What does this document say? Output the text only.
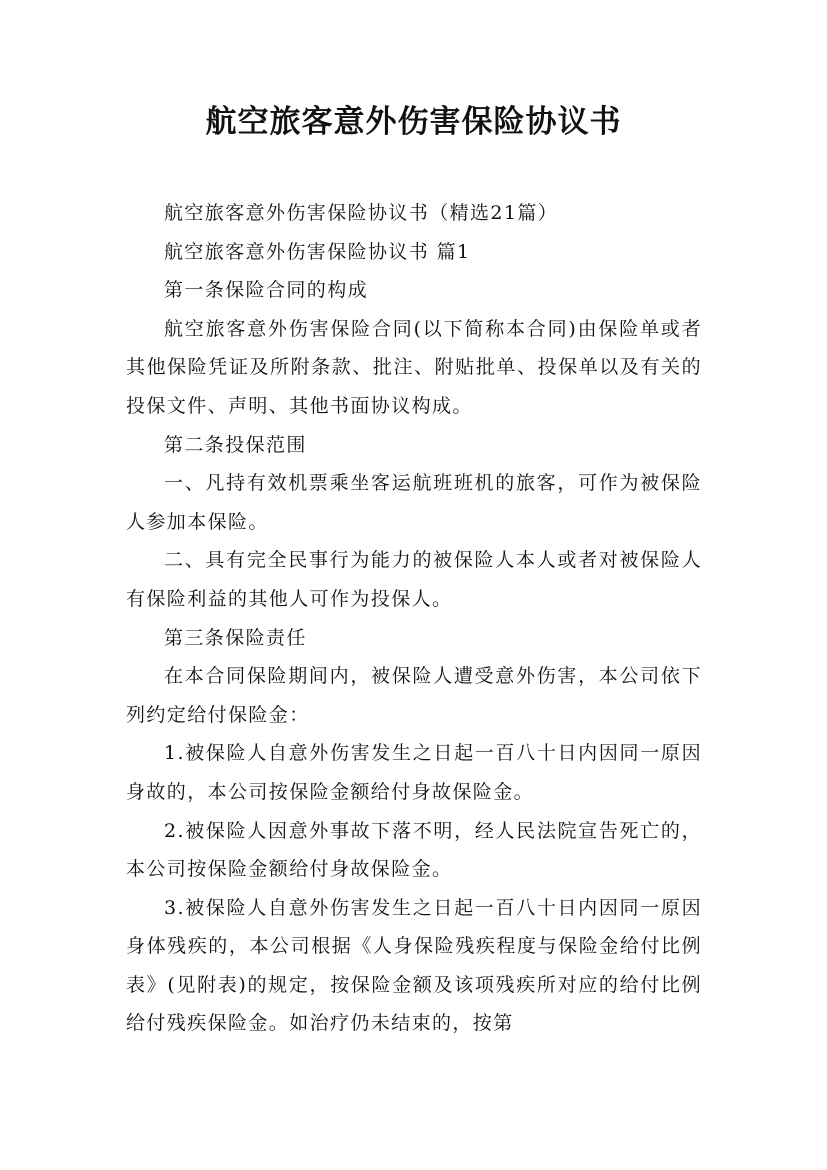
航空旅客意外伤害保险协议书

航空旅客意外伤害保险协议书（精选21篇）

航空旅客意外伤害保险协议书 篇1

第一条保险合同的构成

航空旅客意外伤害保险合同(以下简称本合同)由保险单或者其他保险凭证及所附条款、批注、附贴批单、投保单以及有关的投保文件、声明、其他书面协议构成。

第二条投保范围

一、凡持有效机票乘坐客运航班班机的旅客，可作为被保险人参加本保险。

二、具有完全民事行为能力的被保险人本人或者对被保险人有保险利益的其他人可作为投保人。

第三条保险责任

在本合同保险期间内，被保险人遭受意外伤害，本公司依下列约定给付保险金：

1.被保险人自意外伤害发生之日起一百八十日内因同一原因身故的，本公司按保险金额给付身故保险金。

2.被保险人因意外事故下落不明，经人民法院宣告死亡的，本公司按保险金额给付身故保险金。

3.被保险人自意外伤害发生之日起一百八十日内因同一原因身体残疾的，本公司根据《人身保险残疾程度与保险金给付比例表》(见附表)的规定，按保险金额及该项残疾所对应的给付比例给付残疾保险金。如治疗仍未结束的，按第
